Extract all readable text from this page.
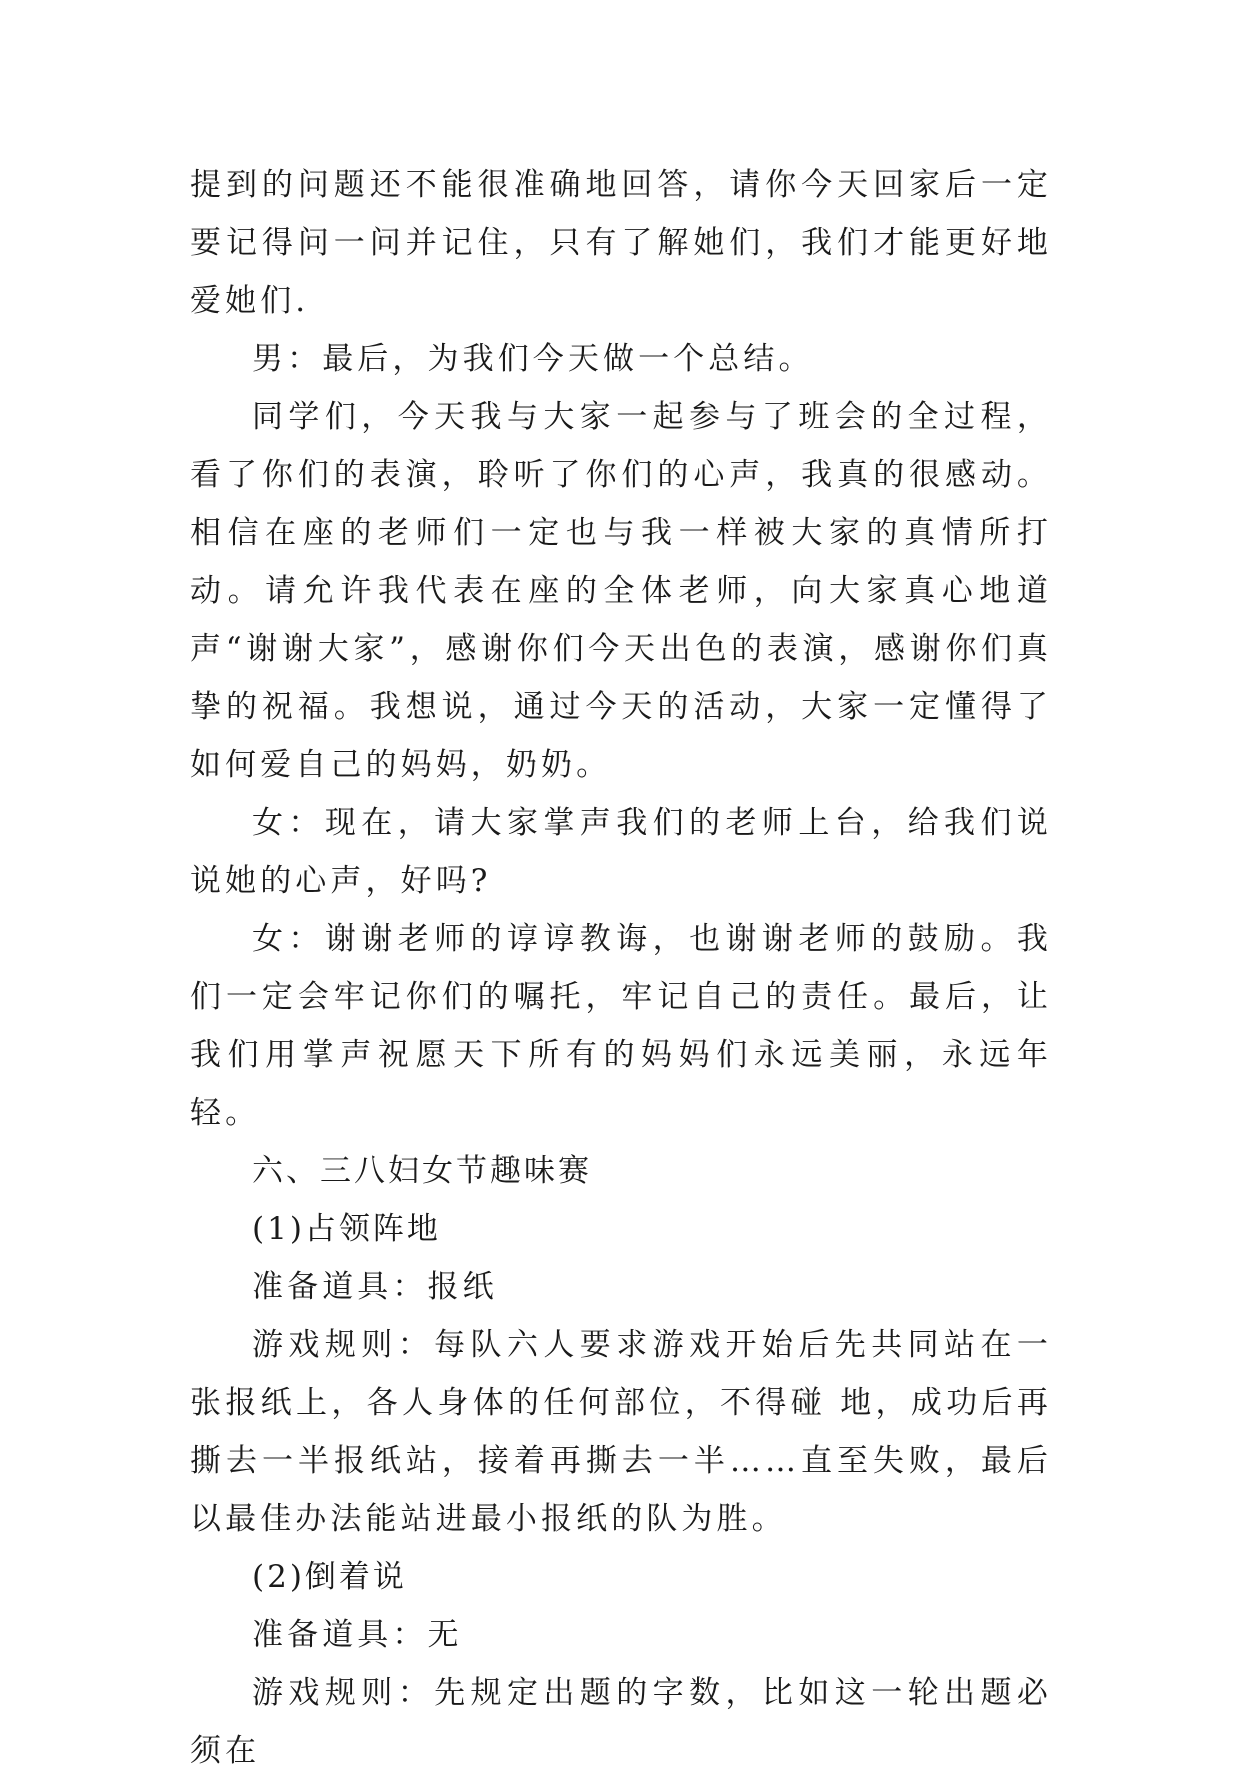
提到的问题还不能很准确地回答，请你今天回家后一定要记得问一问并记住，只有了解她们，我们才能更好地爱她们.

男：最后，为我们今天做一个总结。

同学们，今天我与大家一起参与了班会的全过程，看了你们的表演，聆听了你们的心声，我真的很感动。相信在座的老师们一定也与我一样被大家的真情所打动。请允许我代表在座的全体老师，向大家真心地道声“谢谢大家”，感谢你们今天出色的表演，感谢你们真挚的祝福。我想说，通过今天的活动，大家一定懂得了如何爱自己的妈妈，奶奶。

女：现在，请大家掌声我们的老师上台，给我们说说她的心声，好吗?

女：谢谢老师的谆谆教诲，也谢谢老师的鼓励。我们一定会牢记你们的嘱托，牢记自己的责任。最后，让我们用掌声祝愿天下所有的妈妈们永远美丽，永远年轻。

六、三八妇女节趣味赛

(1)占领阵地

准备道具：报纸

游戏规则：每队六人要求游戏开始后先共同站在一张报纸上，各人身体的任何部位，不得碰 地，成功后再撕去一半报纸站，接着再撕去一半……直至失败，最后以最佳办法能站进最小报纸的队为胜。

(2)倒着说

准备道具：无

游戏规则：先规定出题的字数，比如这一轮出题必须在
